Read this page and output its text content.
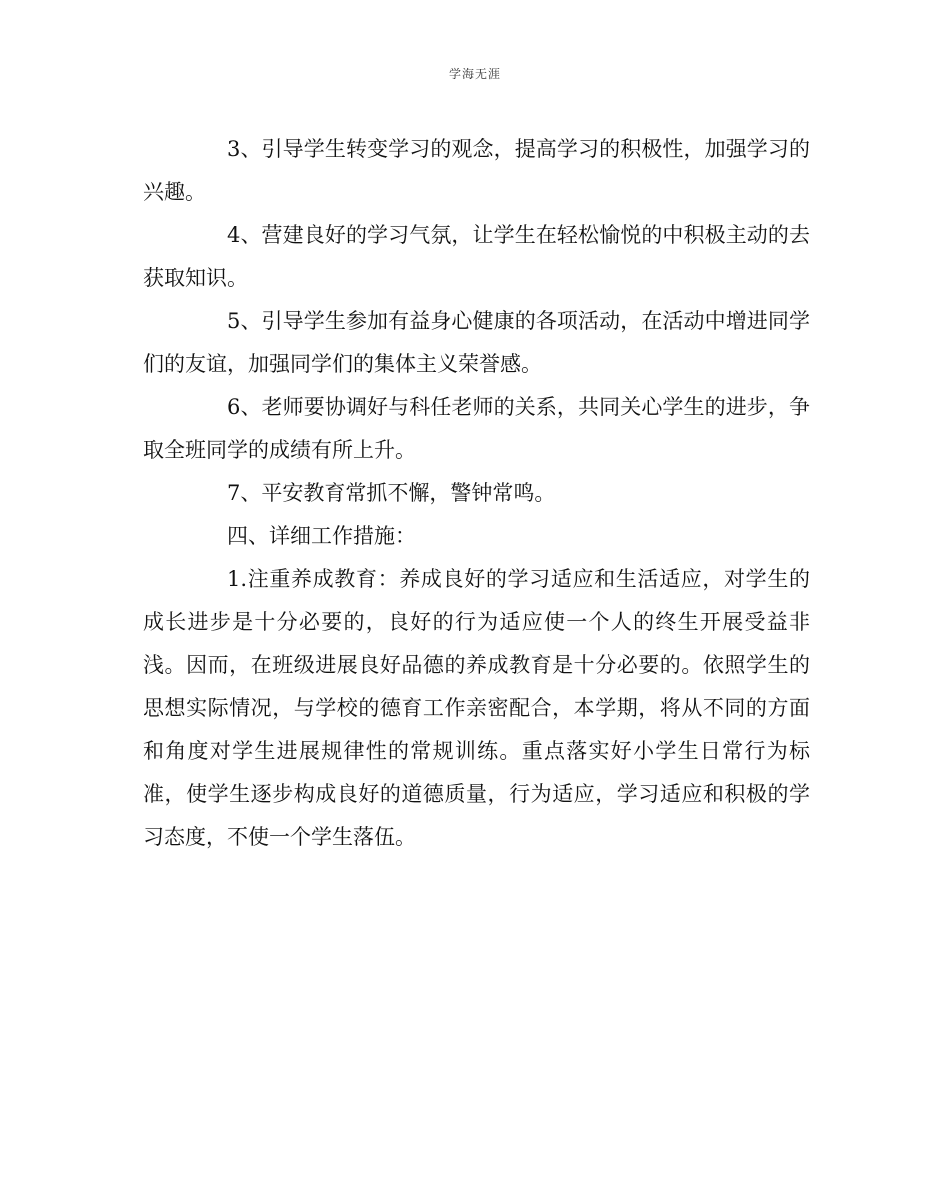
学海无涯

3、引导学生转变学习的观念，提高学习的积极性，加强学习的兴趣。

4、营建良好的学习气氛，让学生在轻松愉悦的中积极主动的去获取知识。

5、引导学生参加有益身心健康的各项活动，在活动中增进同学们的友谊，加强同学们的集体主义荣誉感。

6、老师要协调好与科任老师的关系，共同关心学生的进步，争取全班同学的成绩有所上升。

7、平安教育常抓不懈，警钟常鸣。

四、详细工作措施：

1.注重养成教育：养成良好的学习适应和生活适应，对学生的成长进步是十分必要的，良好的行为适应使一个人的终生开展受益非浅。因而，在班级进展良好品德的养成教育是十分必要的。依照学生的思想实际情况，与学校的德育工作亲密配合，本学期，将从不同的方面和角度对学生进展规律性的常规训练。重点落实好小学生日常行为标准，使学生逐步构成良好的道德质量，行为适应，学习适应和积极的学习态度，不使一个学生落伍。
